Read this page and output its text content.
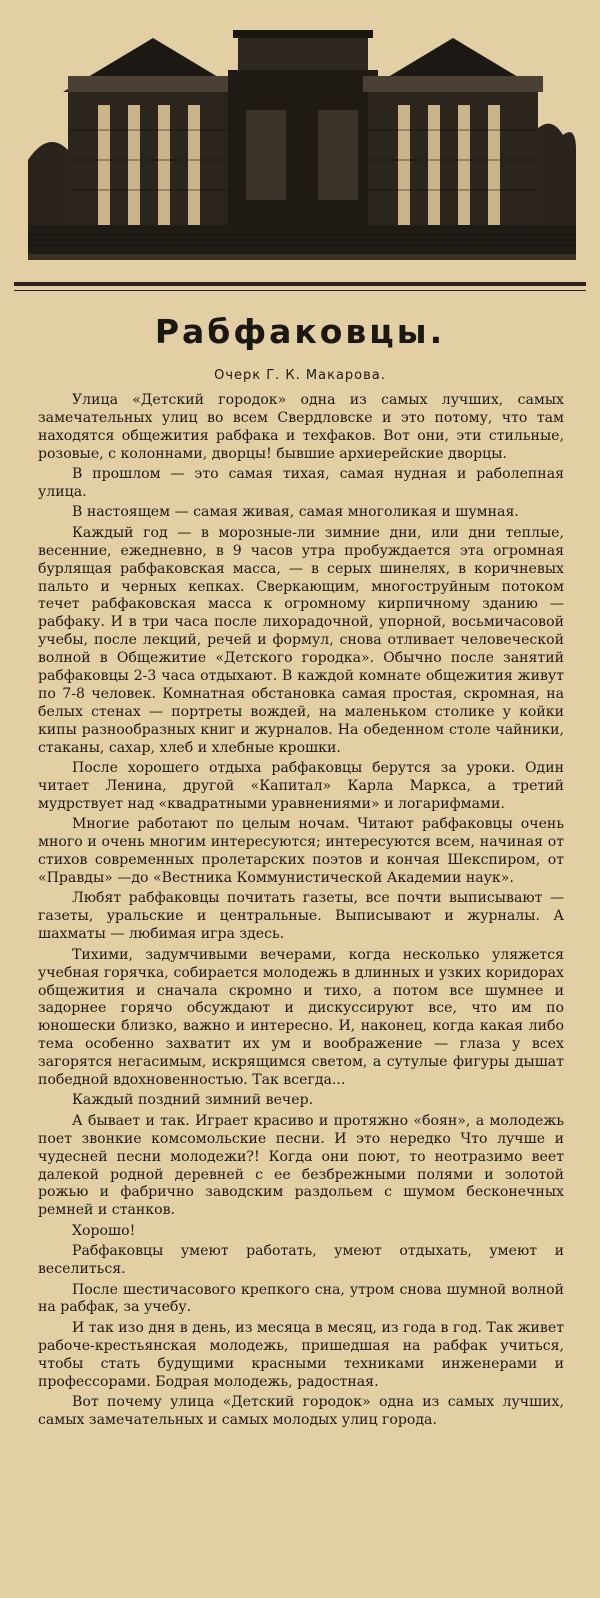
Рабфаковцы.
Очерк Г. К. Макарова.

Улица «Детский городок» одна из самых лучших, самых замечательных улиц во всем Свердловске и это потому, что там находятся общежития рабфака и техфаков. Вот они, эти стильные, розовые, с колоннами, дворцы! бывшие архиерейские дворцы.

В прошлом — это самая тихая, самая нудная и раболепная улица.

В настоящем — самая живая, самая многоликая и шумная.

Каждый год — в морозные-ли зимние дни, или дни теплые, весенние, ежедневно, в 9 часов утра пробуждается эта огромная бурлящая рабфаковская масса, — в серых шинелях, в коричневых пальто и черных кепках. Сверкающим, многоструйным потоком течет рабфаковская масса к огромному кирпичному зданию — рабфаку. И в три часа после лихорадочной, упорной, восьмичасовой учебы, после лекций, речей и формул, снова отливает человеческой волной в Общежитие «Детского городка». Обычно после занятий рабфаковцы 2-3 часа отдыхают. В каждой комнате общежития живут по 7-8 человек. Комнатная обстановка самая простая, скромная, на белых стенах — портреты вождей, на маленьком столике у койки кипы разнообразных книг и журналов. На обеденном столе чайники, стаканы, сахар, хлеб и хлебные крошки.

После хорошего отдыха рабфаковцы берутся за уроки. Один читает Ленина, другой «Капитал» Карла Маркса, а третий мудрствует над «квадратными уравнениями» и логарифмами.

Многие работают по целым ночам. Читают рабфаковцы очень много и очень многим интересуются; интересуются всем, начиная от стихов современных пролетарских поэтов и кончая Шекспиром, от «Правды» —до «Вестника Коммунистической Академии наук».

Любят рабфаковцы почитать газеты, все почти выписывают — газеты, уральские и центральные. Выписывают и журналы. А шахматы — любимая игра здесь.

Тихими, задумчивыми вечерами, когда несколько уляжется учебная горячка, собирается молодежь в длинных и узких коридорах общежития и сначала скромно и тихо, а потом все шумнее и задорнее горячо обсуждают и дискуссируют все, что им по юношески близко, важно и интересно. И, наконец, когда какая либо тема особенно захватит их ум и воображение — глаза у всех загорятся негасимым, искрящимся светом, а сутулые фигуры дышат победной вдохновенностью. Так всегда...

Каждый поздний зимний вечер.

А бывает и так. Играет красиво и протяжно «боян», а молодежь поет звонкие комсомольские песни. И это нередко Что лучше и чудесней песни молодежи?! Когда они поют, то неотразимо веет далекой родной деревней с ее безбрежными полями и золотой рожью и фабрично заводским раздольем с шумом бесконечных ремней и станков.

Хорошо!

Рабфаковцы умеют работать, умеют отдыхать, умеют и веселиться.

После шестичасового крепкого сна, утром снова шумной волной на рабфак, за учебу.

И так изо дня в день, из месяца в месяц, из года в год. Так живет рабоче-крестьянская молодежь, пришедшая на рабфак учиться, чтобы стать будущими красными техниками инженерами и профессорами. Бодрая молодежь, радостная.

Вот почему улица «Детский городок» одна из самых лучших, самых замечательных и самых молодых улиц города.
